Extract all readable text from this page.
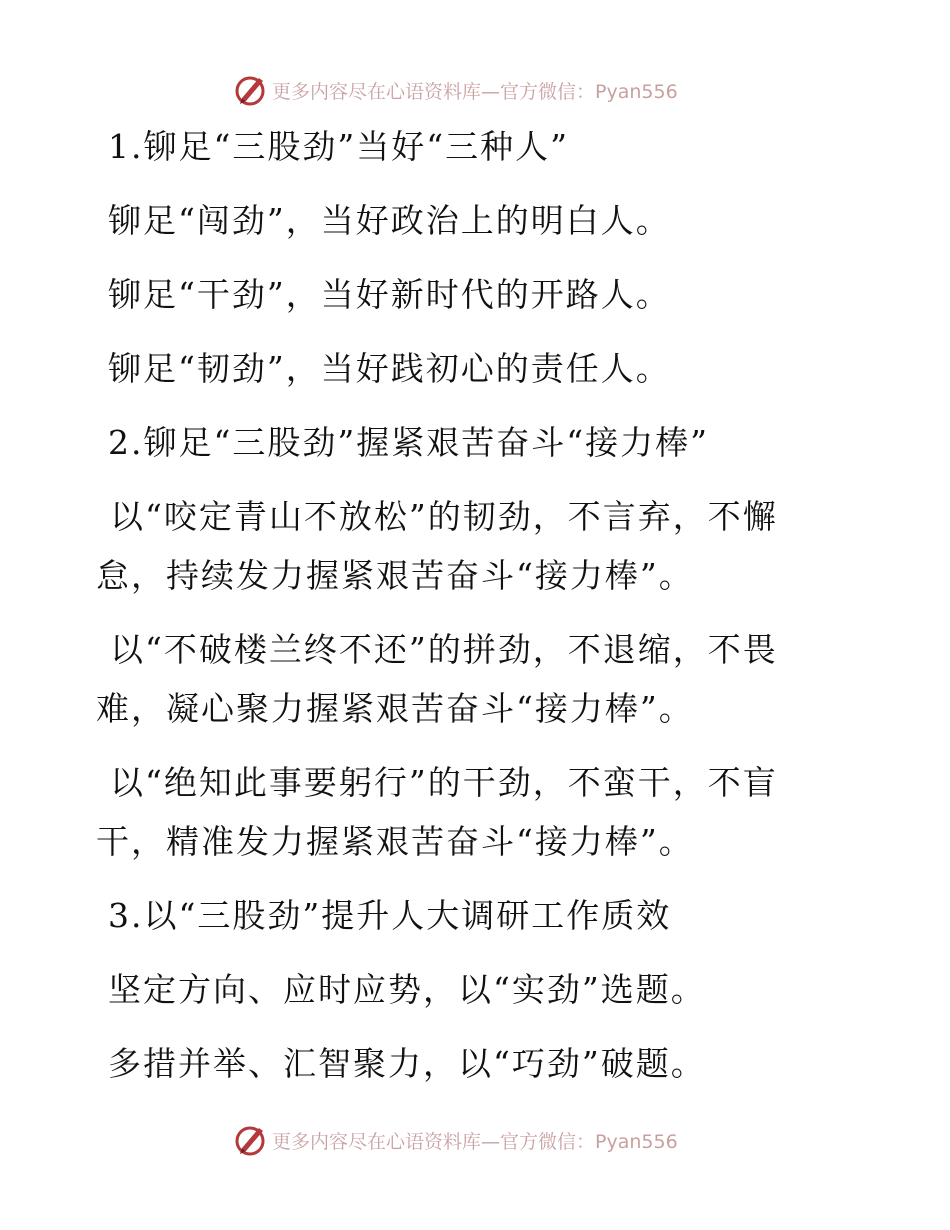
更多内容尽在心语资料库—官方微信：Pyan556
1.铆足“三股劲”当好“三种人”
铆足“闯劲”，当好政治上的明白人。
铆足“干劲”，当好新时代的开路人。
铆足“韧劲”，当好践初心的责任人。
2.铆足“三股劲”握紧艰苦奋斗“接力棒”
以“咬定青山不放松”的韧劲，不言弃，不懈
怠，持续发力握紧艰苦奋斗“接力棒”。
以“不破楼兰终不还”的拼劲，不退缩，不畏
难，凝心聚力握紧艰苦奋斗“接力棒”。
以“绝知此事要躬行”的干劲，不蛮干，不盲
干，精准发力握紧艰苦奋斗“接力棒”。
3.以“三股劲”提升人大调研工作质效
坚定方向、应时应势，以“实劲”选题。
多措并举、汇智聚力，以“巧劲”破题。
更多内容尽在心语资料库—官方微信：Pyan556
